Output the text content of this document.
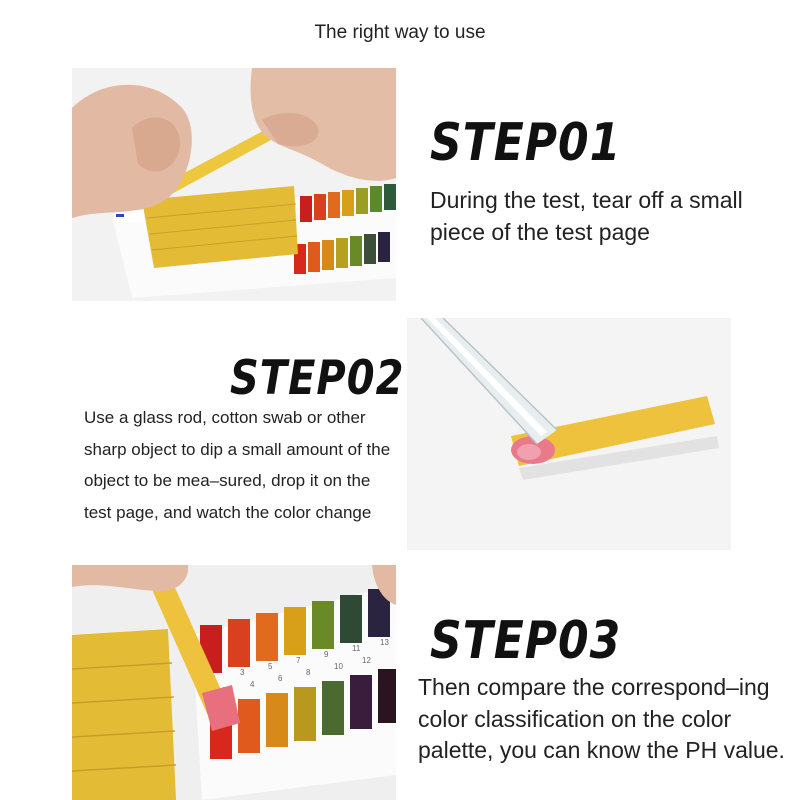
The right way to use
STEP01
During the test, tear off a small piece of the test page
STEP02
Use a glass rod, cotton swab or other sharp object to dip a small amount of the object to be mea–sured, drop it on the test page, and watch the color change
3
5
7
9
11
13
4
6
8
10
12 STEP03
Then compare the correspond–ing color classification on the color palette, you can know the PH value.
